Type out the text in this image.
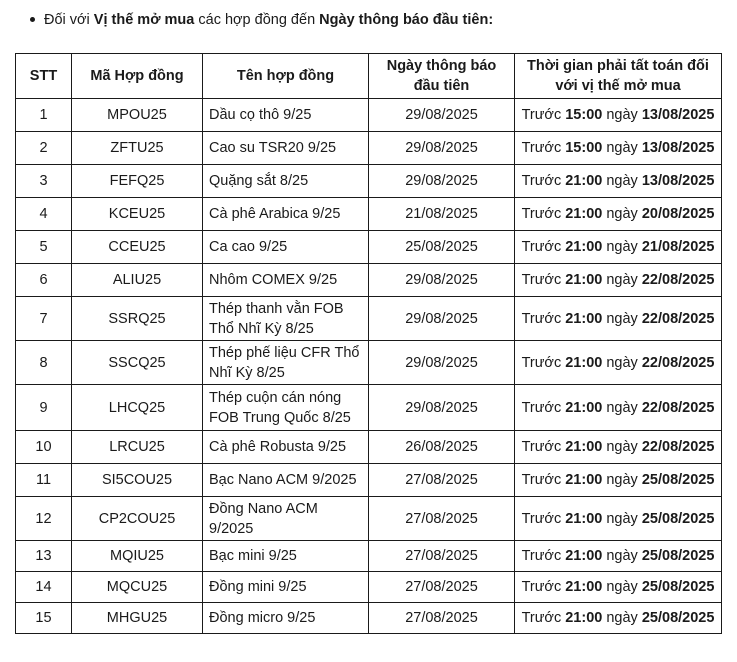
Đối với Vị thế mở mua các hợp đồng đến Ngày thông báo đầu tiên:
STT	Mã Hợp đồng	Tên hợp đồng	Ngày thông báo đầu tiên	Thời gian phải tất toán đối với vị thế mở mua
1	MPOU25	Dầu cọ thô 9/25	29/08/2025	Trước 15:00 ngày 13/08/2025
2	ZFTU25	Cao su TSR20 9/25	29/08/2025	Trước 15:00 ngày 13/08/2025
3	FEFQ25	Quặng sắt 8/25	29/08/2025	Trước 21:00 ngày 13/08/2025
4	KCEU25	Cà phê Arabica 9/25	21/08/2025	Trước 21:00 ngày 20/08/2025
5	CCEU25	Ca cao 9/25	25/08/2025	Trước 21:00 ngày 21/08/2025
6	ALIU25	Nhôm COMEX 9/25	29/08/2025	Trước 21:00 ngày 22/08/2025
7	SSRQ25	Thép thanh vằn FOB Thổ Nhĩ Kỳ 8/25	29/08/2025	Trước 21:00 ngày 22/08/2025
8	SSCQ25	Thép phế liệu CFR Thổ Nhĩ Kỳ 8/25	29/08/2025	Trước 21:00 ngày 22/08/2025
9	LHCQ25	Thép cuộn cán nóng FOB Trung Quốc 8/25	29/08/2025	Trước 21:00 ngày 22/08/2025
10	LRCU25	Cà phê Robusta 9/25	26/08/2025	Trước 21:00 ngày 22/08/2025
11	SI5COU25	Bạc Nano ACM 9/2025	27/08/2025	Trước 21:00 ngày 25/08/2025
12	CP2COU25	Đồng Nano ACM 9/2025	27/08/2025	Trước 21:00 ngày 25/08/2025
13	MQIU25	Bạc mini 9/25	27/08/2025	Trước 21:00 ngày 25/08/2025
14	MQCU25	Đồng mini 9/25	27/08/2025	Trước 21:00 ngày 25/08/2025
15	MHGU25	Đồng micro 9/25	27/08/2025	Trước 21:00 ngày 25/08/2025
